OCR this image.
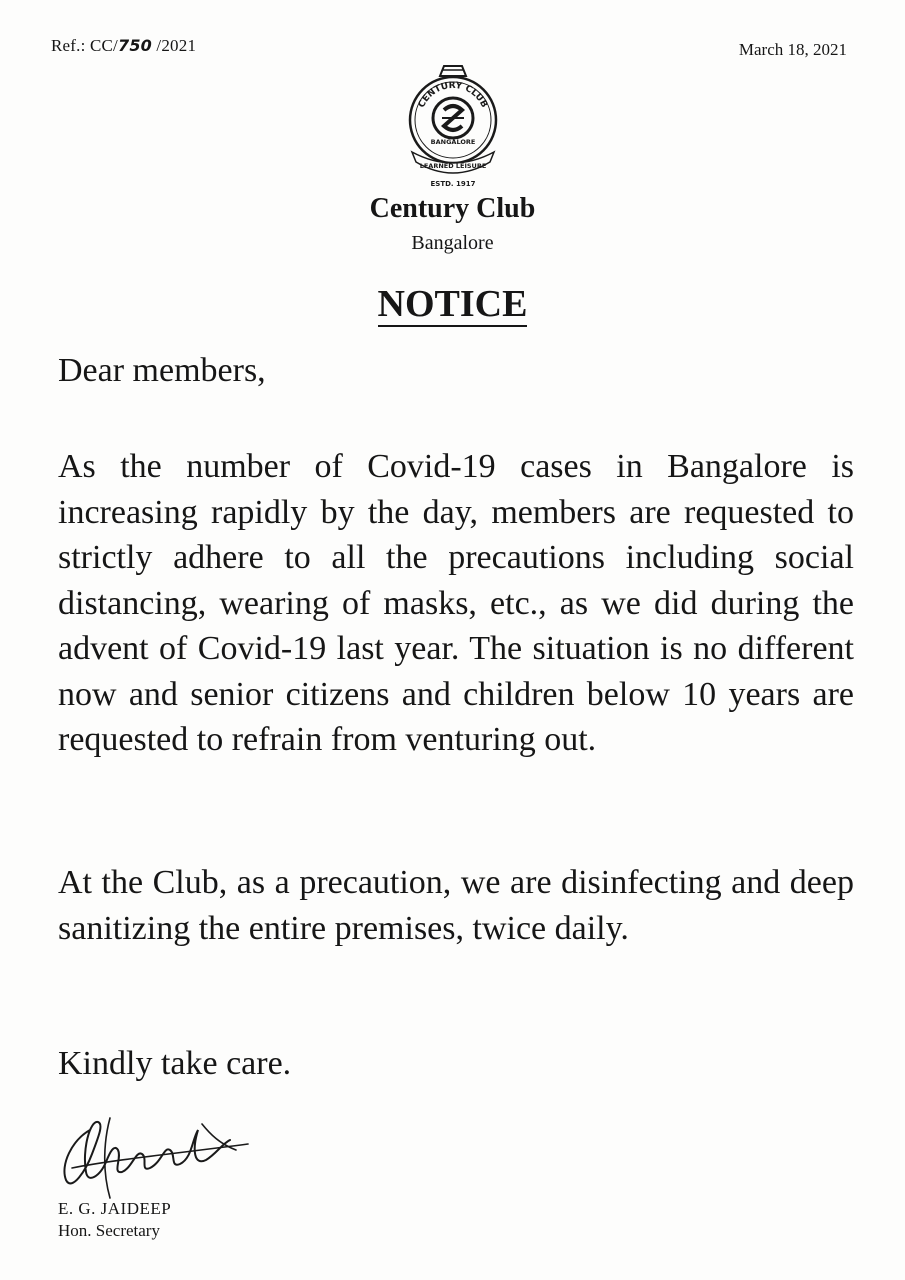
Ref.: CC/750 /2021	March 18, 2021
CENTURY CLUB
BANGALORE
LEARNED LEISURE
ESTD. 1917
Century Club
Bangalore
NOTICE
Dear members,
As the number of Covid-19 cases in Bangalore is increasing rapidly by the day, members are requested to strictly adhere to all the precautions including social distancing, wearing of masks, etc., as we did during the advent of Covid-19 last year. The situation is no different now and senior citizens and children below 10 years are requested to refrain from venturing out.
At the Club, as a precaution, we are disinfecting and deep sanitizing the entire premises, twice daily.
Kindly take care.
E. G. JAIDEEP
Hon. Secretary
